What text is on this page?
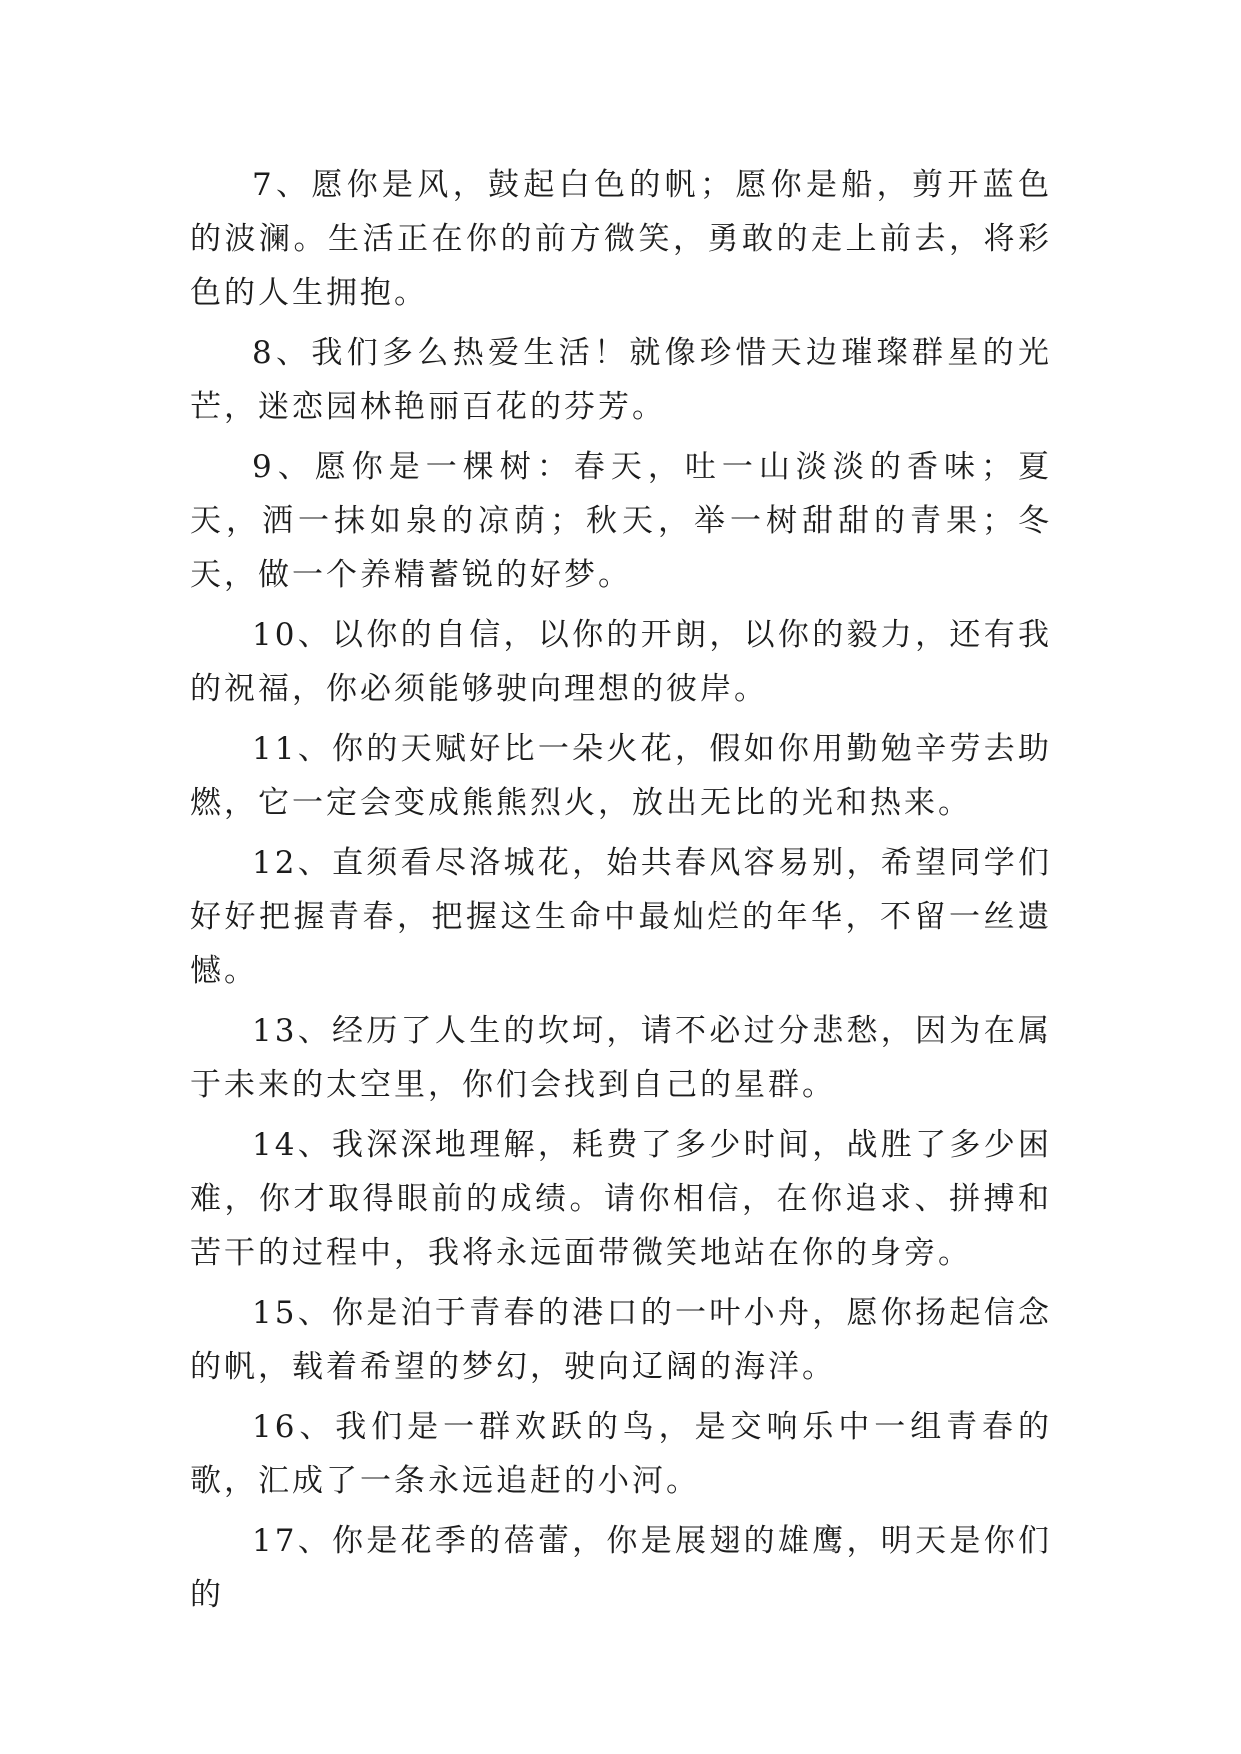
7、愿你是风，鼓起白色的帆；愿你是船，剪开蓝色的波澜。生活正在你的前方微笑，勇敢的走上前去，将彩色的人生拥抱。

8、我们多么热爱生活！就像珍惜天边璀璨群星的光芒，迷恋园林艳丽百花的芬芳。

9、愿你是一棵树：春天，吐一山淡淡的香味；夏天，洒一抹如泉的凉荫；秋天，举一树甜甜的青果；冬天，做一个养精蓄锐的好梦。

10、以你的自信，以你的开朗，以你的毅力，还有我的祝福，你必须能够驶向理想的彼岸。

11、你的天赋好比一朵火花，假如你用勤勉辛劳去助燃，它一定会变成熊熊烈火，放出无比的光和热来。

12、直须看尽洛城花，始共春风容易别，希望同学们好好把握青春，把握这生命中最灿烂的年华，不留一丝遗憾。

13、经历了人生的坎坷，请不必过分悲愁，因为在属于未来的太空里，你们会找到自己的星群。

14、我深深地理解，耗费了多少时间，战胜了多少困难，你才取得眼前的成绩。请你相信，在你追求、拼搏和苦干的过程中，我将永远面带微笑地站在你的身旁。

15、你是泊于青春的港口的一叶小舟，愿你扬起信念的帆，载着希望的梦幻，驶向辽阔的海洋。

16、我们是一群欢跃的鸟，是交响乐中一组青春的歌，汇成了一条永远追赶的小河。

17、你是花季的蓓蕾，你是展翅的雄鹰，明天是你们的
